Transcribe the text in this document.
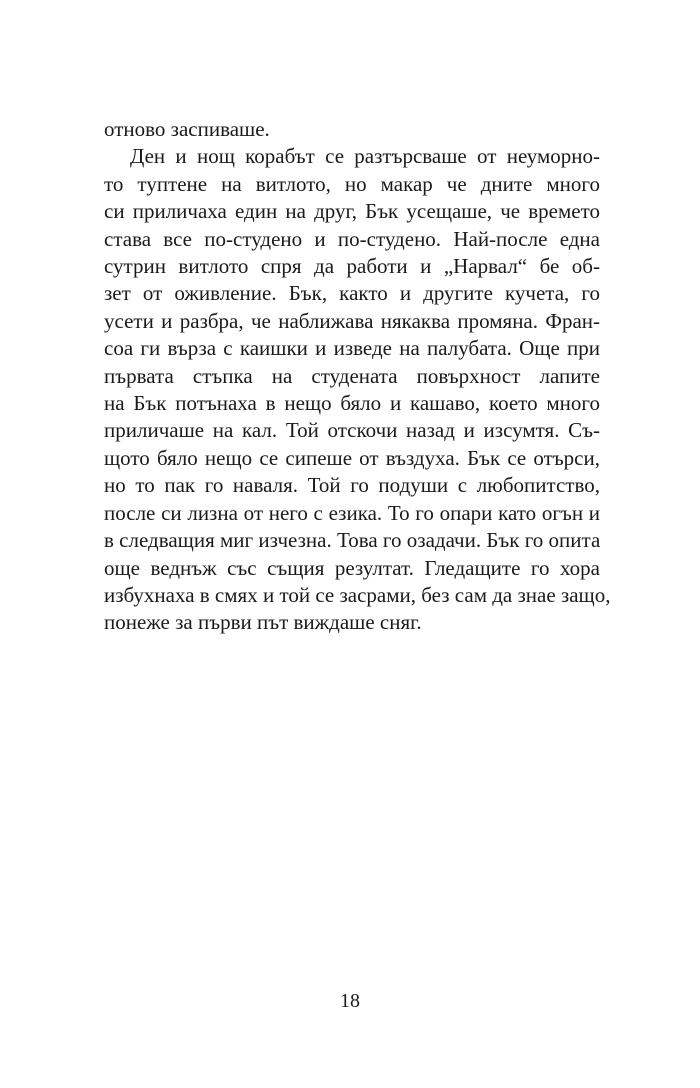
отново заспиваше.
Ден и нощ корабът се разтърсваше от неуморно-
то туптене на витлото, но макар че дните много
си приличаха един на друг, Бък усещаше, че времето
става все по-студено и по-студено. Най-после една
сутрин витлото спря да работи и „Нарвал“ бе об-
зет от оживление. Бък, както и другите кучета, го
усети и разбра, че наближава някаква промяна. Фран-
соа ги върза с каишки и изведе на палубата. Още при
първата стъпка на студената повърхност лапите
на Бък потънаха в нещо бяло и кашаво, което много
приличаше на кал. Той отскочи назад и изсумтя. Съ-
щото бяло нещо се сипеше от въздуха. Бък се отърси,
но то пак го наваля. Той го подуши с любопитство,
после си лизна от него с езика. То го опари като огън и
в следващия миг изчезна. Това го озадачи. Бък го опита
още веднъж със същия резултат. Гледащите го хора
избухнаха в смях и той се засрами, без сам да знае защо,
понеже за първи път виждаше сняг.
18
